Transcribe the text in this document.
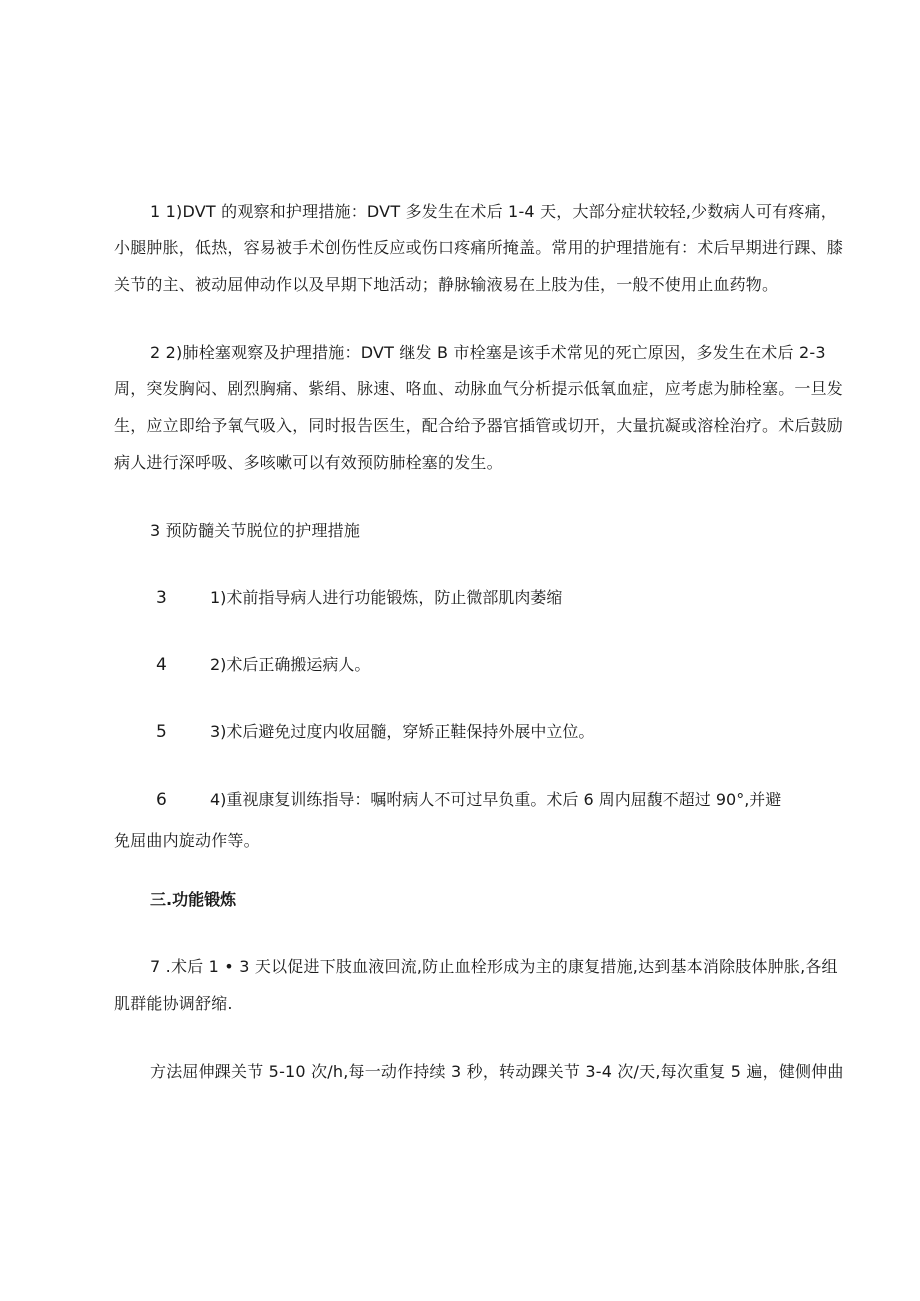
1 1)DVT 的观察和护理措施：DVT 多发生在术后 1-4 天，大部分症状较轻,少数病人可有疼痛，
小腿肿胀，低热，容易被手术创伤性反应或伤口疼痛所掩盖。常用的护理措施有：术后早期进行踝、膝
关节的主、被动屈伸动作以及早期下地活动；静脉输液易在上肢为佳，一般不使用止血药物。
2 2)肺栓塞观察及护理措施：DVT 继发 B 市栓塞是该手术常见的死亡原因，多发生在术后 2-3
周，突发胸闷、剧烈胸痛、紫绢、脉速、咯血、动脉血气分析提示低氧血症，应考虑为肺栓塞。一旦发
生，应立即给予氧气吸入，同时报告医生，配合给予器官插管或切开，大量抗凝或溶栓治疗。术后鼓励
病人进行深呼吸、多咳嗽可以有效预防肺栓塞的发生。
3 预防髓关节脱位的护理措施
3	1)术前指导病人进行功能锻炼，防止微部肌肉萎缩
4	2)术后正确搬运病人。
5	3)术后避免过度内收屈髓，穿矫正鞋保持外展中立位。
6	4)重视康复训练指导：嘱咐病人不可过早负重。术后 6 周内屈馥不超过 90°,并避
免屈曲内旋动作等。
三.功能锻炼
7 .术后 1 • 3 天以促进下肢血液回流,防止血栓形成为主的康复措施,达到基本消除肢体肿胀,各组
肌群能协调舒缩.
方法屈伸踝关节 5-10 次/h,每一动作持续 3 秒，转动踝关节 3-4 次/天,每次重复 5 遍，健侧伸曲
